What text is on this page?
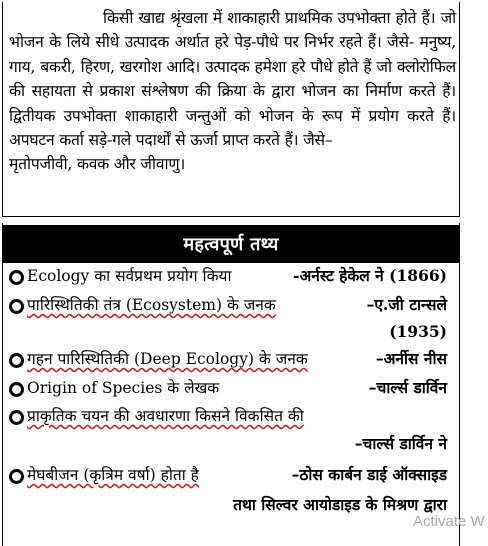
किसी खाद्य श्रृंखला में शाकाहारी प्राथमिक उपभोक्ता होते हैं। जो भोजन के लिये सीधे उत्पादक अर्थात हरे पेड़-पौधे पर निर्भर रहते हैं। जैसे- मनुष्य, गाय, बकरी, हिरण, खरगोश आदि। उत्पादक हमेशा हरे पौधे होते हैं जो क्लोरोफिल की सहायता से प्रकाश संश्लेषण की क्रिया के द्वारा भोजन का निर्माण करते हैं। द्वितीयक उपभोक्ता शाकाहारी जन्तुओं को भोजन के रूप में प्रयोग करते हैं। अपघटन कर्ता सड़े-गले पदार्थों से ऊर्जा प्राप्त करते हैं। जैसे–
मृतोपजीवी, कवक और जीवाणु।
महत्वपूर्ण तथ्य
Ecology का सर्वप्रथम प्रयोग किया	-अर्नस्ट हेकेल ने (1866)
पारिस्थितिकी तंत्र (Ecosystem) के जनक	–ए.जी टान्सले
(1935)
गहन पारिस्थितिकी (Deep Ecology) के जनक	–अर्नीस नीस
Origin of Species के लेखक	–चार्ल्स डार्विन
प्राकृतिक चयन की अवधारणा किसने विकसित की
–चार्ल्स डार्विन ने
मेघबीजन (कृत्रिम वर्षा) होता है	–ठोस कार्बन डाई ऑक्साइड
तथा सिल्वर आयोडाइड के मिश्रण द्वारा
Activate W
